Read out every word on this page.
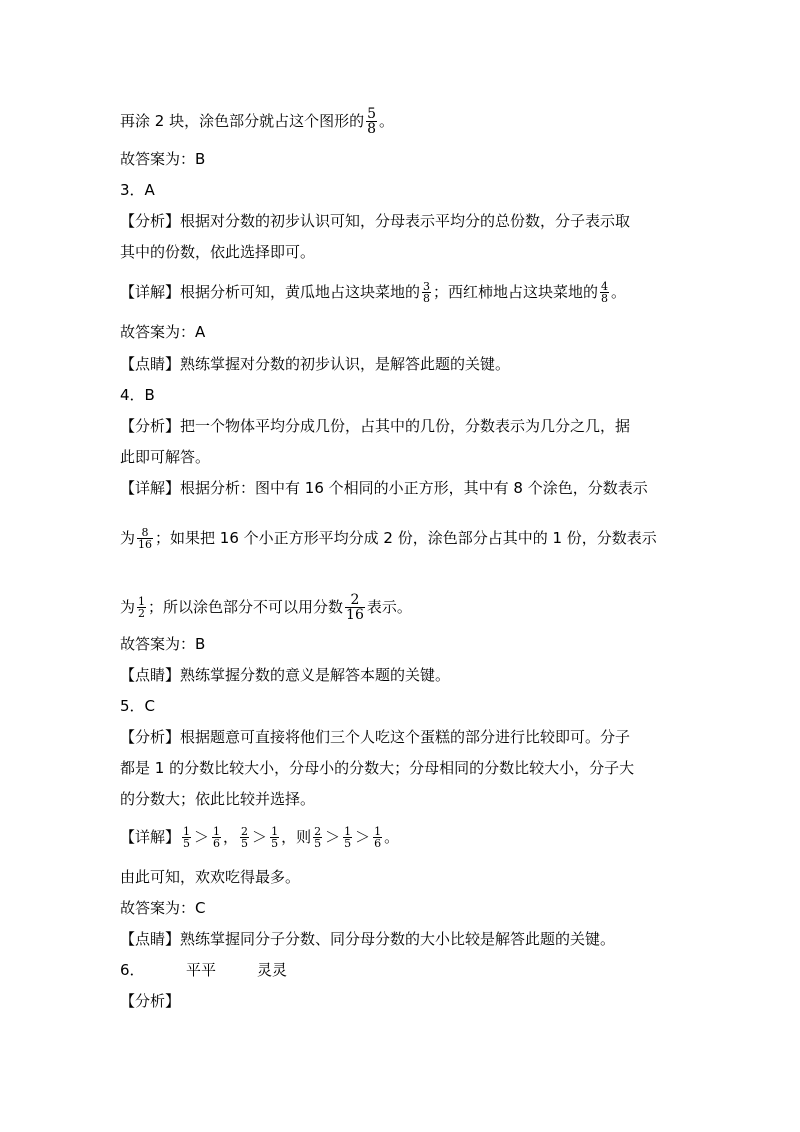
再涂 2 块，涂色部分就占这个图形的 $\frac{5}{8}$ 。
故答案为：B
3．A
【分析】根据对分数的初步认识可知，分母表示平均分的总份数，分子表示取
其中的份数，依此选择即可。
【详解】根据分析可知，黄瓜地占这块菜地的 $\frac{3}{8}$ ；西红柿地占这块菜地的 $\frac{4}{8}$ 。
故答案为：A
【点睛】熟练掌握对分数的初步认识，是解答此题的关键。
4．B
【分析】把一个物体平均分成几份，占其中的几份，分数表示为几分之几，据
此即可解答。
【详解】根据分析：图中有 16 个相同的小正方形，其中有 8 个涂色，分数表示
为 $\frac{8}{16}$ ；如果把 16 个小正方形平均分成 2 份，涂色部分占其中的 1 份，分数表示
为 $\frac{1}{2}$ ；所以涂色部分不可以用分数 $\frac{2}{16}$ 表示。
故答案为：B
【点睛】熟练掌握分数的意义是解答本题的关键。
5．C
【分析】根据题意可直接将他们三个人吃这个蛋糕的部分进行比较即可。分子
都是 1 的分数比较大小，分母小的分数大；分母相同的分数比较大小，分子大
的分数大；依此比较并选择。
【详解】 $\frac{1}{5} > \frac{1}{6}$ ， $\frac{2}{5} > \frac{1}{5}$ ，则 $\frac{2}{5} > \frac{1}{5} > \frac{1}{6}$ 。
由此可知，欢欢吃得最多。
故答案为：C
【点睛】熟练掌握同分子分数、同分母分数的大小比较是解答此题的关键。
6．	平平	灵灵
【分析】
